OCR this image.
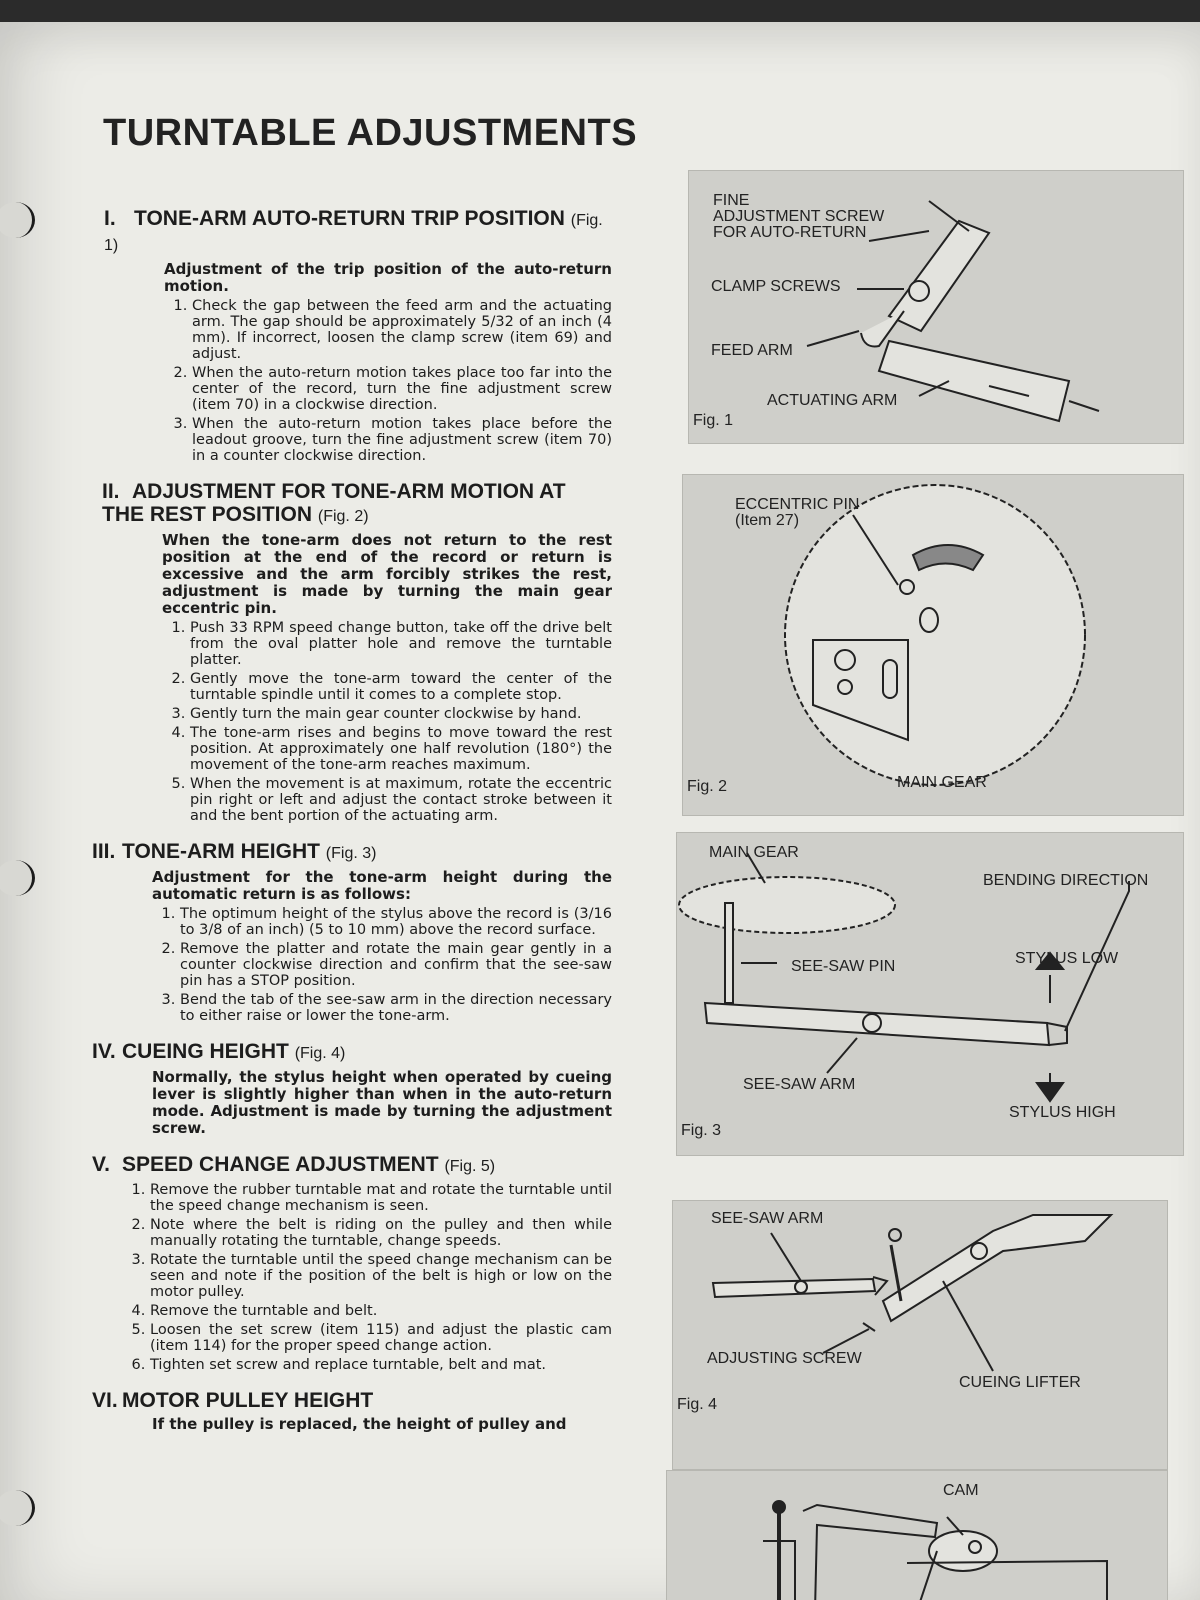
TURNTABLE ADJUSTMENTS

I. TONE-ARM AUTO-RETURN TRIP POSITION (Fig. 1)

Adjustment of the trip position of the auto-return motion.

1. Check the gap between the feed arm and the actuating arm. The gap should be approximately 5/32 of an inch (4 mm). If incorrect, loosen the clamp screw (item 69) and adjust.
2. When the auto-return motion takes place too far into the center of the record, turn the fine adjustment screw (item 70) in a clockwise direction.
3. When the auto-return motion takes place before the leadout groove, turn the fine adjustment screw (item 70) in a counter clockwise direction.

II. ADJUSTMENT FOR TONE-ARM MOTION AT THE REST POSITION (Fig. 2)

When the tone-arm does not return to the rest position at the end of the record or return is excessive and the arm forcibly strikes the rest, adjustment is made by turning the main gear eccentric pin.

1. Push 33 RPM speed change button, take off the drive belt from the oval platter hole and remove the turntable platter.
2. Gently move the tone-arm toward the center of the turntable spindle until it comes to a complete stop.
3. Gently turn the main gear counter clockwise by hand.
4. The tone-arm rises and begins to move toward the rest position. At approximately one half revolution (180°) the movement of the tone-arm reaches maximum.
5. When the movement is at maximum, rotate the eccentric pin right or left and adjust the contact stroke between it and the bent portion of the actuating arm.

III. TONE-ARM HEIGHT (Fig. 3)

Adjustment for the tone-arm height during the automatic return is as follows:

1. The optimum height of the stylus above the record is (3/16 to 3/8 of an inch) (5 to 10 mm) above the record surface.
2. Remove the platter and rotate the main gear gently in a counter clockwise direction and confirm that the see-saw pin has a STOP position.
3. Bend the tab of the see-saw arm in the direction necessary to either raise or lower the tone-arm.

IV. CUEING HEIGHT (Fig. 4)

Normally, the stylus height when operated by cueing lever is slightly higher than when in the auto-return mode. Adjustment is made by turning the adjustment screw.

V. SPEED CHANGE ADJUSTMENT (Fig. 5)

1. Remove the rubber turntable mat and rotate the turntable until the speed change mechanism is seen.
2. Note where the belt is riding on the pulley and then while manually rotating the turntable, change speeds.
3. Rotate the turntable until the speed change mechanism can be seen and note if the position of the belt is high or low on the motor pulley.
4. Remove the turntable and belt.
5. Loosen the set screw (item 115) and adjust the plastic cam (item 114) for the proper speed change action.
6. Tighten set screw and replace turntable, belt and mat.

VI. MOTOR PULLEY HEIGHT

If the pulley is replaced, the height of pulley and

FINE
ADJUSTMENT SCREW
FOR AUTO-RETURN
CLAMP SCREWS
FEED ARM
ACTUATING ARM
Fig. 1
ECCENTRIC PIN
(Item 27)
MAIN GEAR
Fig. 2
MAIN GEAR
BENDING DIRECTION
SEE-SAW PIN	STYLUS LOW
SEE-SAW ARM
STYLUS HIGH
Fig. 3
SEE-SAW ARM
ADJUSTING SCREW
CUEING LIFTER
Fig. 4
CAM
